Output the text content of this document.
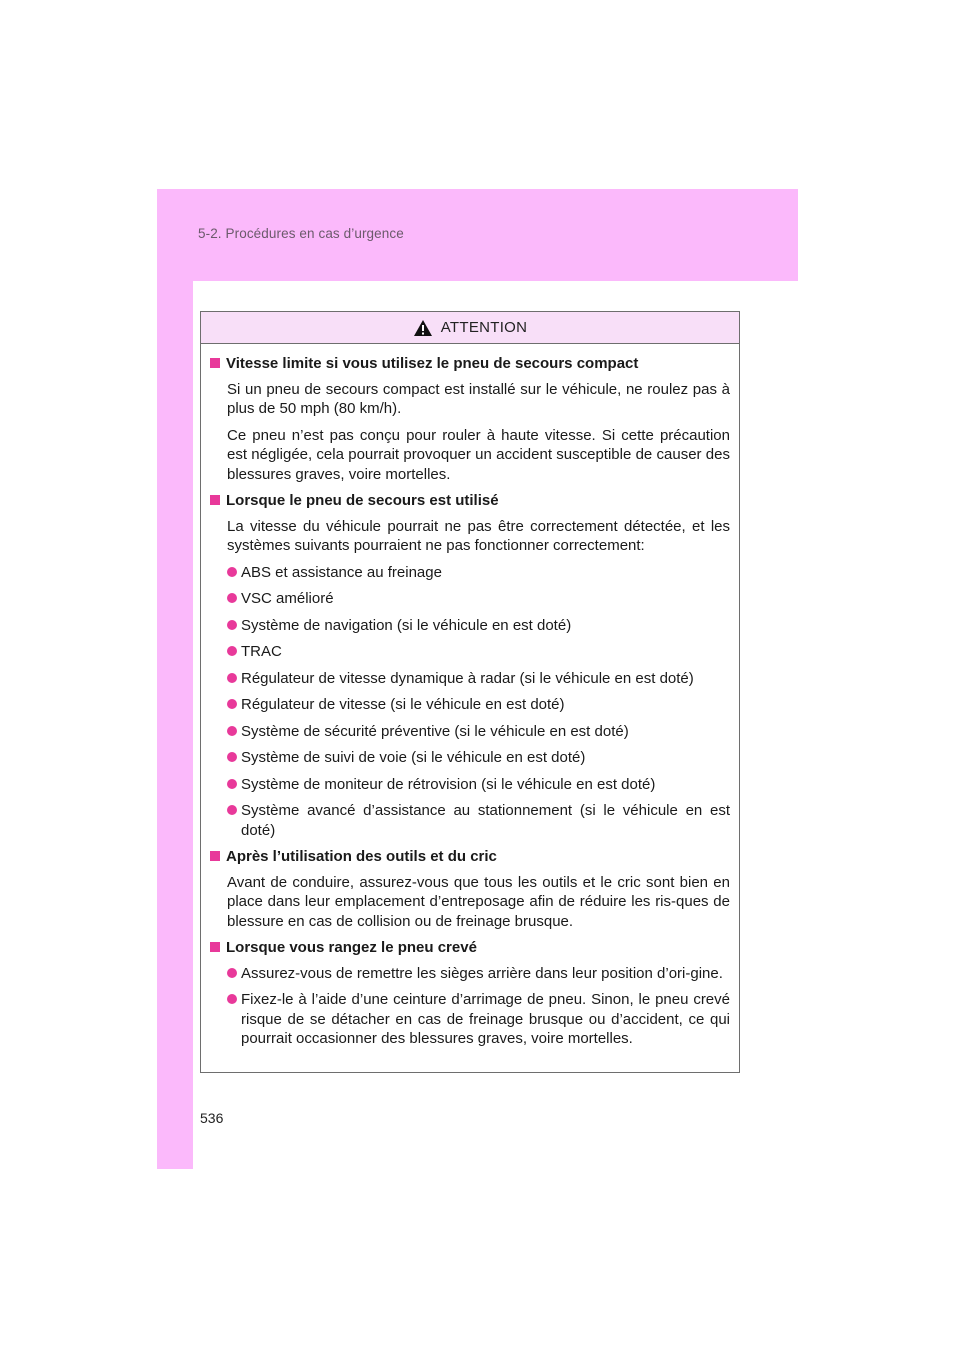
5-2. Procédures en cas d’urgence
ATTENTION
Vitesse limite si vous utilisez le pneu de secours compact

Si un pneu de secours compact est installé sur le véhicule, ne roulez pas à plus de 50 mph (80 km/h).

Ce pneu n’est pas conçu pour rouler à haute vitesse. Si cette précaution est négligée, cela pourrait provoquer un accident susceptible de causer des blessures graves, voire mortelles.

Lorsque le pneu de secours est utilisé

La vitesse du véhicule pourrait ne pas être correctement détectée, et les systèmes suivants pourraient ne pas fonctionner correctement:

ABS et assistance au freinage
VSC amélioré
Système de navigation (si le véhicule en est doté)
TRAC
Régulateur de vitesse dynamique à radar (si le véhicule en est doté)
Régulateur de vitesse (si le véhicule en est doté)
Système de sécurité préventive (si le véhicule en est doté)
Système de suivi de voie (si le véhicule en est doté)
Système de moniteur de rétrovision (si le véhicule en est doté)
Système avancé d’assistance au stationnement (si le véhicule en est doté)
Après l’utilisation des outils et du cric

Avant de conduire, assurez-vous que tous les outils et le cric sont bien en place dans leur emplacement d’entreposage afin de réduire les ris-ques de blessure en cas de collision ou de freinage brusque.

Lorsque vous rangez le pneu crevé
Assurez-vous de remettre les sièges arrière dans leur position d’ori-gine.
Fixez-le à l’aide d’une ceinture d’arrimage de pneu. Sinon, le pneu crevé risque de se détacher en cas de freinage brusque ou d’accident, ce qui pourrait occasionner des blessures graves, voire mortelles.
536
